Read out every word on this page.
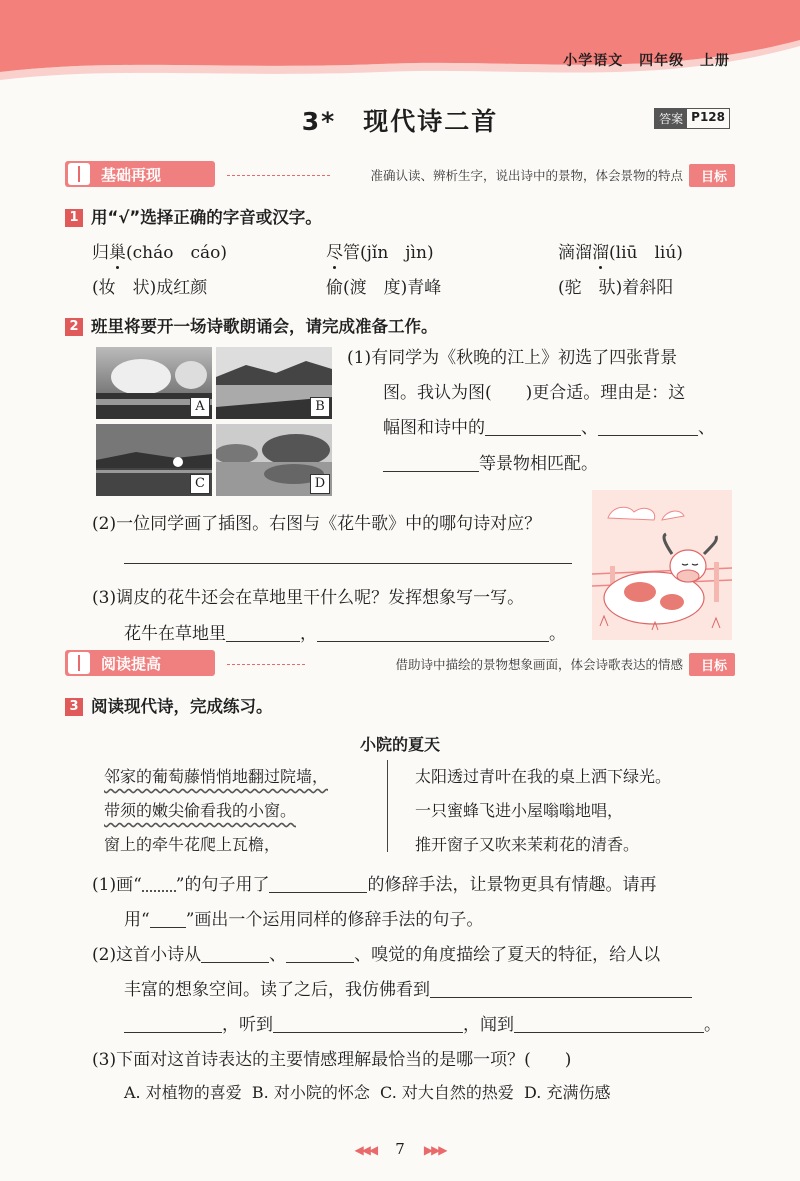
小学语文 四年级 上册
3*　现代诗二首	答案 P128
基础再现	准确认读、辨析生字，说出诗中的景物，体会景物的特点	目标
1 用“√”选择正确的字音或汉字。
归巢(cháo　cáo)	尽管(jǐn　jìn)	滴溜溜(liū　liú)
(妆　状)成红颜	偷(渡　度)青峰	(驼　驮)着斜阳
2 班里将要开一场诗歌朗诵会，请完成准备工作。
A	B
C	D
(1)有同学为《秋晚的江上》初选了四张背景
图。我认为图( )更合适。理由是：这
幅图和诗中的	、	、
等景物相匹配。
(2)一位同学画了插图。右图与《花牛歌》中的哪句诗对应？
(3)调皮的花牛还会在草地里干什么呢？发挥想象写一写。
花牛在草地里	，	。
阅读提高	借助诗中描绘的景物想象画面，体会诗歌表达的情感	目标
3 阅读现代诗，完成练习。
小院的夏天
邻家的葡萄藤悄悄地翻过院墙，
带须的嫩尖偷看我的小窗。
窗上的牵牛花爬上瓦檐，
太阳透过青叶在我的桌上洒下绿光。
一只蜜蜂飞进小屋嗡嗡地唱，
推开窗子又吹来茉莉花的清香。
(1)画“ ”的句子用了	的修辞手法，让景物更具有情趣。请再
用“ ”画出一个运用同样的修辞手法的句子。
(2)这首小诗从	、	、嗅觉的角度描绘了夏天的特征，给人以
丰富的想象空间。读了之后，我仿佛看到
，听到	，闻到	。
(3)下面对这首诗表达的主要情感理解最恰当的是哪一项？(　　)
A. 对植物的喜爱 B. 对小院的怀念 C. 对大自然的热爱 D. 充满伤感
◀◀◀ 7 ▶▶▶
